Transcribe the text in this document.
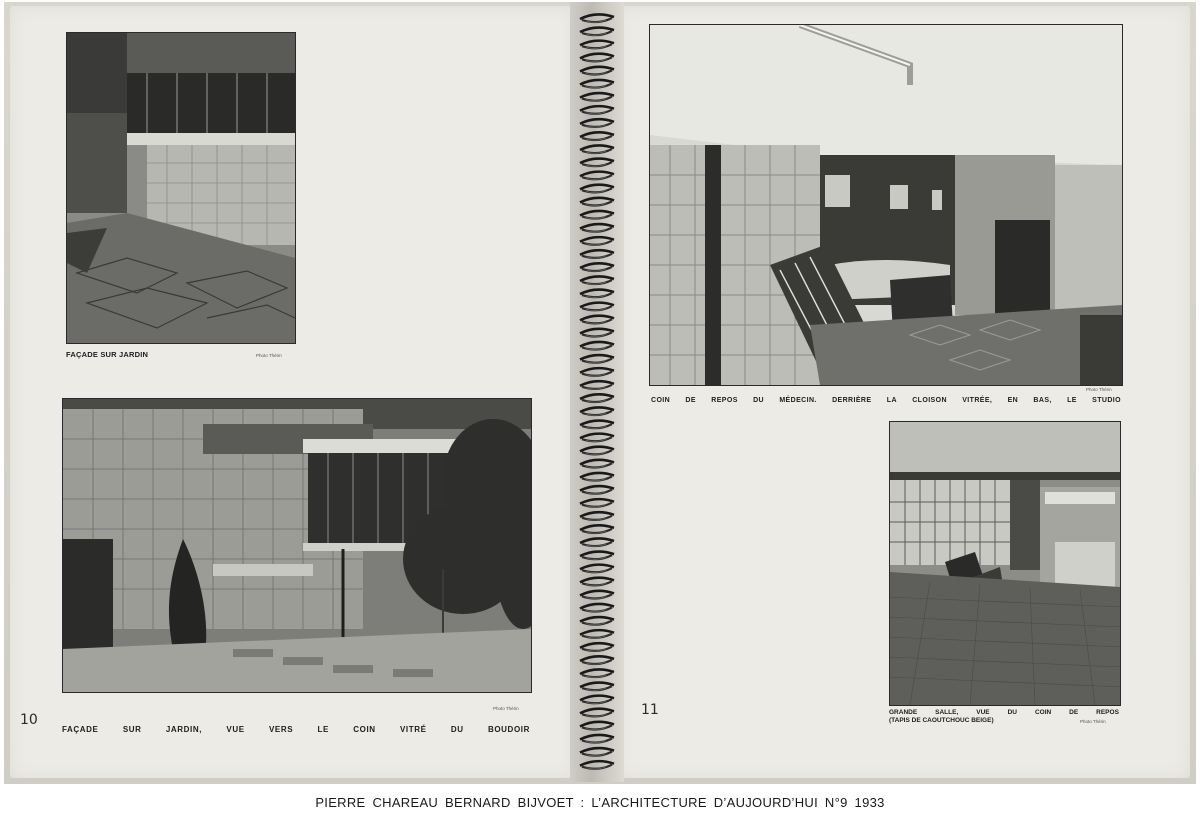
FAÇADE SUR JARDIN	Photo Thérin
Photo Thérin
FAÇADE	SUR	JARDIN,	VUE	VERS	LE	COIN	VITRÉ	DU	BOUDOIR
10
Photo Thérin
COIN DE REPOS DU MÉDECIN. DERRIÈRE LA CLOISON VITRÉE, EN BAS, LE STUDIO
GRANDE	SALLE,	VUE	DU	COIN	DE	REPOS
(TAPIS DE CAOUTCHOUC BEIGE)	Photo Thérin
11
PIERRE CHAREAU BERNARD BIJVOET : L’ARCHITECTURE D’AUJOURD’HUI N°9 1933
